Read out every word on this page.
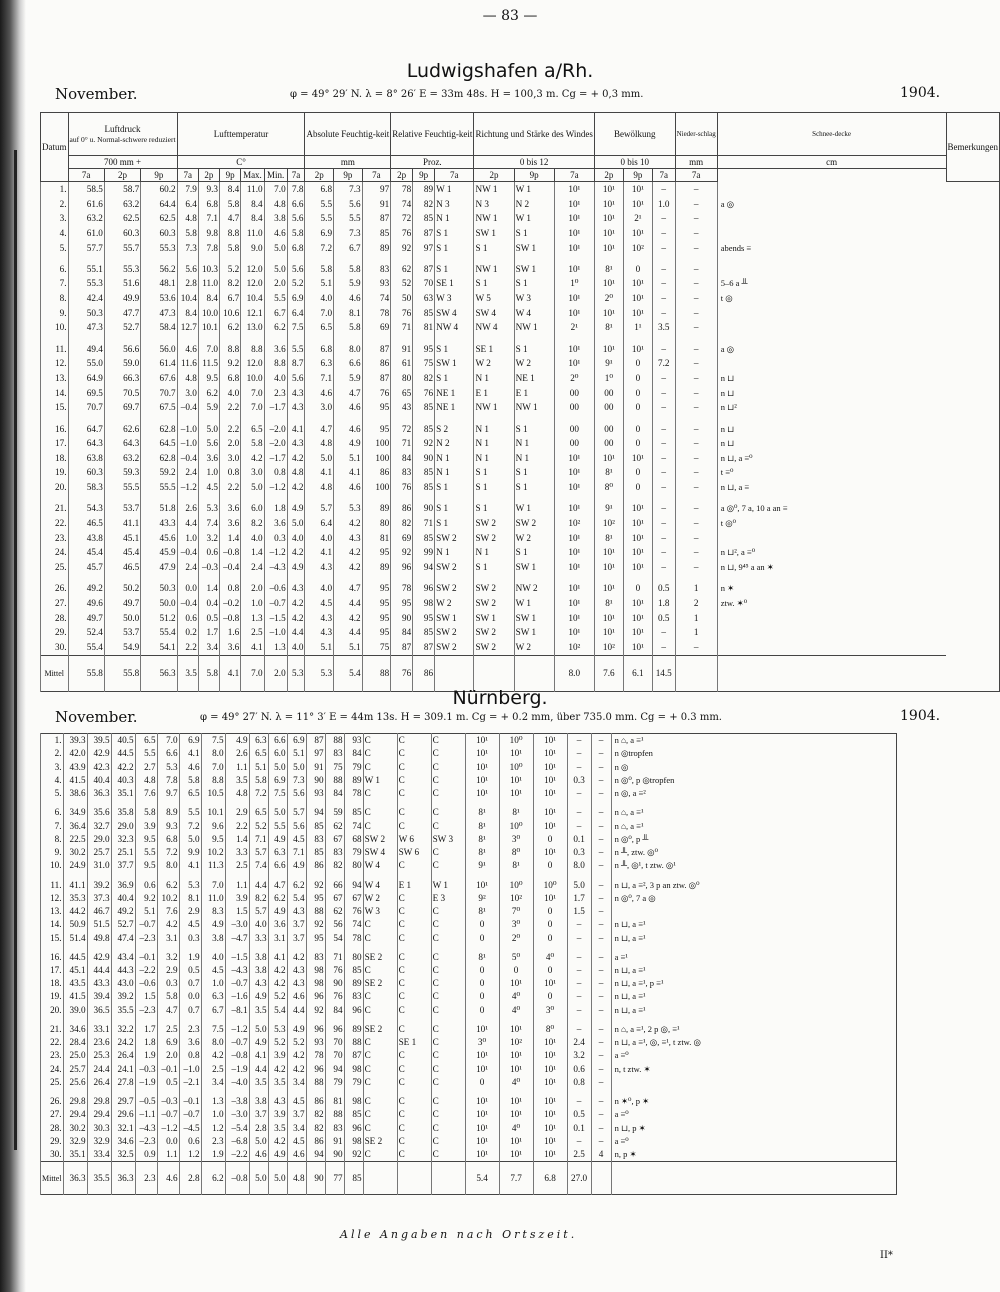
— 83 —
Ludwigshafen a/Rh.
November.	φ = 49° 29′ N. λ = 8° 26′ E = 33m 48s. H = 100,3 m. Cg = + 0,3 mm.	1904.
Datum	Luftdruck
auf 0° u. Normal-schwere reduziert			Lufttemperatur						Absolute Feuchtig-keit			Relative Feuchtig-keit			Richtung und Stärke des Windes			Bewölkung			Nieder-schlag	Schnee-decke	Bemerkungen
	700 mm +			C°						mm			Proz.			0 bis 12			0 bis 10			mm	cm	
	7a	2p	9p	7a	2p	9p	Max.	Min.	7a	2p	9p	7a	2p	9p	7a	2p	9p	7a	2p	9p	7a	7a		
1.	58.5	58.7	60.2	7.9	9.3	8.4	11.0	7.0	7.8	6.8	7.3	97	78	89	W 1	NW 1	W 1	10¹	10¹	10¹	–	–		
2.	61.6	63.2	64.4	6.4	6.8	5.8	8.4	4.8	6.6	5.5	5.6	91	74	82	N 3	N 3	N 2	10¹	10¹	10¹	1.0	–	a ◎	
3.	63.2	62.5	62.5	4.8	7.1	4.7	8.4	3.8	5.6	5.5	5.5	87	72	85	N 1	NW 1	W 1	10¹	10¹	2¹	–	–		
4.	61.0	60.3	60.3	5.8	9.8	8.8	11.0	4.6	5.8	6.9	7.3	85	76	87	S 1	SW 1	S 1	10¹	10¹	10¹	–	–		
5.	57.7	55.7	55.3	7.3	7.8	5.8	9.0	5.0	6.8	7.2	6.7	89	92	97	S 1	S 1	SW 1	10¹	10¹	10²	–	–	abends ≡	

6.	55.1	55.3	56.2	5.6	10.3	5.2	12.0	5.0	5.6	5.8	5.8	83	62	87	S 1	NW 1	SW 1	10¹	8¹	0	–	–		
7.	55.3	51.6	48.1	2.8	11.0	8.2	12.0	2.0	5.2	5.1	5.9	93	52	70	SE 1	S 1	S 1	1⁰	10¹	10¹	–	–	5–6 a ╨	
8.	42.4	49.9	53.6	10.4	8.4	6.7	10.4	5.5	6.9	4.0	4.6	74	50	63	W 3	W 5	W 3	10¹	2⁰	10¹	–	–	t ◎	
9.	50.3	47.7	47.3	8.4	10.0	10.6	12.1	6.7	6.4	7.0	8.1	78	76	85	SW 4	SW 4	W 4	10¹	10¹	10¹	–	–		
10.	47.3	52.7	58.4	12.7	10.1	6.2	13.0	6.2	7.5	6.5	5.8	69	71	81	NW 4	NW 4	NW 1	2¹	8¹	1¹	3.5	–		

11.	49.4	56.6	56.0	4.6	7.0	8.8	8.8	3.6	5.5	6.8	8.0	87	91	95	S 1	SE 1	S 1	10¹	10¹	10¹	–	–	a ◎	
12.	55.0	59.0	61.4	11.6	11.5	9.2	12.0	8.8	8.7	6.3	6.6	86	61	75	SW 1	W 2	W 2	10¹	9¹	0	7.2	–		
13.	64.9	66.3	67.6	4.8	9.5	6.8	10.0	4.0	5.6	7.1	5.9	87	80	82	S 1	N 1	NE 1	2⁰	1⁰	0	–	–	n ⊔	
14.	69.5	70.5	70.7	3.0	6.2	4.0	7.0	2.3	4.3	4.6	4.7	76	65	76	NE 1	E 1	E 1	00	00	0	–	–	n ⊔	
15.	70.7	69.7	67.5	–0.4	5.9	2.2	7.0	–1.7	4.3	3.0	4.6	95	43	85	NE 1	NW 1	NW 1	00	00	0	–	–	n ⊔²	

16.	64.7	62.6	62.8	–1.0	5.0	2.2	6.5	–2.0	4.1	4.7	4.6	95	72	85	S 2	N 1	S 1	00	00	0	–	–	n ⊔	
17.	64.3	64.3	64.5	–1.0	5.6	2.0	5.8	–2.0	4.3	4.8	4.9	100	71	92	N 2	N 1	N 1	00	00	0	–	–	n ⊔	
18.	63.8	63.2	62.8	–0.4	3.6	3.0	4.2	–1.7	4.2	5.0	5.1	100	84	90	N 1	N 1	N 1	10¹	10¹	10¹	–	–	n ⊔, a ≡⁰	
19.	60.3	59.3	59.2	2.4	1.0	0.8	3.0	0.8	4.8	4.1	4.1	86	83	85	N 1	S 1	S 1	10¹	8¹	0	–	–	t ≡⁰	
20.	58.3	55.5	55.5	–1.2	4.5	2.2	5.0	–1.2	4.2	4.8	4.6	100	76	85	S 1	S 1	S 1	10¹	8⁰	0	–	–	n ⊔, a ≡	

21.	54.3	53.7	51.8	2.6	5.3	3.6	6.0	1.8	4.9	5.7	5.3	89	86	90	S 1	S 1	W 1	10¹	9¹	10¹	–	–	a ◎⁰, 7 a, 10 a an ≡	
22.	46.5	41.1	43.3	4.4	7.4	3.6	8.2	3.6	5.0	6.4	4.2	80	82	71	S 1	SW 2	SW 2	10²	10²	10¹	–	–	t ◎⁰	
23.	43.8	45.1	45.6	1.0	3.2	1.4	4.0	0.3	4.0	4.0	4.3	81	69	85	SW 2	SW 2	W 2	10¹	8¹	10¹	–	–		
24.	45.4	45.4	45.9	–0.4	0.6	–0.8	1.4	–1.2	4.2	4.1	4.2	95	92	99	N 1	N 1	S 1	10¹	10¹	10¹	–	–	n ⊔², a ≡⁰	
25.	45.7	46.5	47.9	2.4	–0.3	–0.4	2.4	–4.3	4.9	4.3	4.2	89	96	94	SW 2	S 1	SW 1	10¹	10¹	10¹	–	–	n ⊔, 9⁴⁵ a an ✶	

26.	49.2	50.2	50.3	0.0	1.4	0.8	2.0	–0.6	4.3	4.0	4.7	95	78	96	SW 2	SW 2	NW 2	10¹	10¹	0	0.5	1	n ✶	
27.	49.6	49.7	50.0	–0.4	0.4	–0.2	1.0	–0.7	4.2	4.5	4.4	95	95	98	W 2	SW 2	W 1	10¹	8¹	10¹	1.8	2	ztw. ✶⁰	
28.	49.7	50.0	51.2	0.6	0.5	–0.8	1.3	–1.5	4.2	4.3	4.2	95	90	95	SW 1	SW 1	SW 1	10¹	10¹	10¹	0.5	1		
29.	52.4	53.7	55.4	0.2	1.7	1.6	2.5	–1.0	4.4	4.3	4.4	95	84	85	SW 2	SW 2	SW 1	10¹	10¹	10¹	–	1		
30.	55.4	54.9	54.1	2.2	3.4	3.6	4.1	1.3	4.0	5.1	5.1	75	87	87	SW 2	SW 2	W 2	10²	10²	10¹	–	–		
Mittel	55.8	55.8	56.3	3.5	5.8	4.1	7.0	2.0	5.3	5.3	5.4	88	76	86				8.0	7.6	6.1	14.5			
Nürnberg.
November.	φ = 49° 27′ N. λ = 11° 3′ E = 44m 13s. H = 309.1 m. Cg = + 0.2 mm, über 735.0 mm. Cg = + 0.3 mm.	1904.
1.	39.3	39.5	40.5	6.5	7.0	6.9	7.5	4.9	6.3	6.6	6.9	87	88	93	C	C	C	10¹	10⁰	10¹	–	–	n ⌂, a ≡¹
2.	42.0	42.9	44.5	5.5	6.6	4.1	8.0	2.6	6.5	6.0	5.1	97	83	84	C	C	C	10¹	10¹	10¹	–	–	n ◎tropfen
3.	43.9	42.3	42.2	2.7	5.3	4.6	7.0	1.1	5.1	5.0	5.0	91	75	79	C	C	C	10¹	10⁰	10¹	–	–	n ◎
4.	41.5	40.4	40.3	4.8	7.8	5.8	8.8	3.5	5.8	6.9	7.3	90	88	89	W 1	C	C	10¹	10¹	10¹	0.3	–	n ◎⁰, p ◎tropfen
5.	38.6	36.3	35.1	7.6	9.7	6.5	10.5	4.8	7.2	7.5	5.6	93	84	78	C	C	C	10¹	10¹	10¹	–	–	n ◎, a ≡²

6.	34.9	35.6	35.8	5.8	8.9	5.5	10.1	2.9	6.5	5.0	5.7	94	59	85	C	C	C	8¹	8¹	10¹	–	–	n ⌂, a ≡¹
7.	36.4	32.7	29.0	3.9	9.3	7.2	9.6	2.2	5.2	5.5	5.6	85	62	74	C	C	C	8¹	10⁰	10¹	–	–	n ⌂, a ≡¹
8.	22.5	29.0	32.3	9.5	6.8	5.0	9.5	1.4	7.1	4.9	4.5	83	67	68	SW 2	W 6	SW 3	8¹	3⁰	0	0.1	–	n ◎⁰, p ╨
9.	30.2	25.7	25.1	5.5	7.2	9.9	10.2	3.3	5.7	6.3	7.1	85	83	79	SW 4	SW 6	C	8¹	8⁰	10¹	0.3	–	n ╨, ztw. ◎⁰
10.	24.9	31.0	37.7	9.5	8.0	4.1	11.3	2.5	7.4	6.6	4.9	86	82	80	W 4	C	C	9¹	8¹	0	8.0	–	n ╨, ◎¹, t ztw. ◎¹

11.	41.1	39.2	36.9	0.6	6.2	5.3	7.0	1.1	4.4	4.7	6.2	92	66	94	W 4	E 1	W 1	10¹	10⁰	10⁰	5.0	–	n ⊔, a ≡², 3 p an ztw. ◎⁰
12.	35.3	37.3	40.4	9.2	10.2	8.1	11.0	3.9	8.2	6.2	5.4	95	67	67	W 2	C	E 3	9²	10²	10¹	1.7	–	n ◎⁰, 7 a ◎
13.	44.2	46.7	49.2	5.1	7.6	2.9	8.3	1.5	5.7	4.9	4.3	88	62	76	W 3	C	C	8¹	7⁰	0	1.5	–	
14.	50.9	51.5	52.7	–0.7	4.2	4.5	4.9	–3.0	4.0	3.6	3.7	92	56	74	C	C	C	0	3⁰	0	–	–	n ⊔, a ≡¹
15.	51.4	49.8	47.4	–2.3	3.1	0.3	3.8	–4.7	3.3	3.1	3.7	95	54	78	C	C	C	0	2⁰	0	–	–	n ⊔, a ≡¹

16.	44.5	42.9	43.4	–0.1	3.2	1.9	4.0	–1.5	3.8	4.1	4.2	83	71	80	SE 2	C	C	8¹	5⁰	4⁰	–	–	a ≡¹
17.	45.1	44.4	44.3	–2.2	2.9	0.5	4.5	–4.3	3.8	4.2	4.3	98	76	85	C	C	C	0	0	0	–	–	n ⊔, a ≡¹
18.	43.5	43.3	43.0	–0.6	0.3	0.7	1.0	–0.7	4.3	4.2	4.3	98	90	89	SE 2	C	C	0	10¹	10¹	–	–	n ⊔, a ≡¹, p ≡¹
19.	41.5	39.4	39.2	1.5	5.8	0.0	6.3	–1.6	4.9	5.2	4.6	96	76	83	C	C	C	0	4⁰	0	–	–	n ⊔, a ≡¹
20.	39.0	36.5	35.5	–2.3	4.7	0.7	6.7	–8.1	3.5	5.4	4.4	92	84	96	C	C	C	0	4⁰	3⁰	–	–	n ⊔, a ≡¹

21.	34.6	33.1	32.2	1.7	2.5	2.3	7.5	–1.2	5.0	5.3	4.9	96	96	89	SE 2	C	C	10¹	10¹	8⁰	–	–	n ⌂, a ≡¹, 2 p ◎, ≡¹
22.	28.4	23.6	24.2	1.8	6.9	3.6	8.0	–0.7	4.9	5.2	5.2	93	70	88	C	SE 1	C	3⁰	10²	10¹	2.4	–	n ⊔, a ≡¹, ◎, ≡¹, t ztw. ◎
23.	25.0	25.3	26.4	1.9	2.0	0.8	4.2	–0.8	4.1	3.9	4.2	78	70	87	C	C	C	10¹	10¹	10¹	3.2	–	a ≡⁰
24.	25.7	24.4	24.1	–0.3	–0.1	–1.0	2.5	–1.9	4.4	4.2	4.2	96	94	98	C	C	C	10¹	10¹	10¹	0.6	–	n, t ztw. ✶
25.	25.6	26.4	27.8	–1.9	0.5	–2.1	3.4	–4.0	3.5	3.5	3.4	88	79	79	C	C	C	0	4⁰	10¹	0.8	–	

26.	29.8	29.8	29.7	–0.5	–0.3	–0.1	1.3	–3.8	3.8	4.3	4.5	86	81	98	C	C	C	10¹	10¹	10¹	–	–	n ✶⁰, p ✶
27.	29.4	29.4	29.6	–1.1	–0.7	–0.7	1.0	–3.0	3.7	3.9	3.7	82	88	85	C	C	C	10¹	10¹	10¹	0.5	–	a ≡⁰
28.	30.2	30.3	32.1	–4.3	–1.2	–4.5	1.2	–5.4	2.8	3.5	3.4	82	83	96	C	C	C	10¹	4⁰	10¹	0.1	–	n ⊔, p ✶
29.	32.9	32.9	34.6	–2.3	0.0	0.6	2.3	–6.8	5.0	4.2	4.5	86	91	98	SE 2	C	C	10¹	10¹	10¹	–	–	a ≡⁰
30.	35.1	33.4	32.5	0.9	1.1	1.2	1.9	–2.2	4.6	4.9	4.6	94	90	92	C	C	C	10¹	10¹	10¹	2.5	4	n, p ✶
Mittel	36.3	35.5	36.3	2.3	4.6	2.8	6.2	–0.8	5.0	5.0	4.8	90	77	85				5.4	7.7	6.8	27.0		
Alle Angaben nach Ortszeit.
II*
